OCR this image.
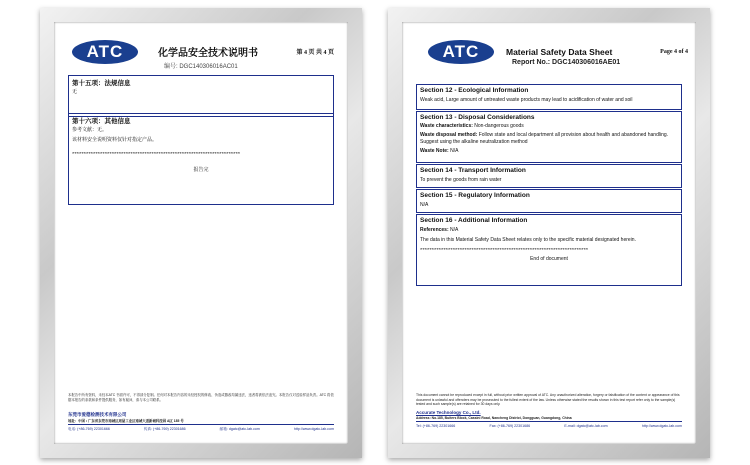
ATC	化学品安全技术说明书	第 4 页 共 4 页
编号: DGC140306016AC01
第十五项：法规信息
无
第十六项：其他信息
参考文献：无。
该材料安全说明资料仅针对指定产品。
************************************************************************
报告完
本报告中所有资料，未经本ATC 书面许可，不得部分复制。任何对本报告内容的未经授权的修改、伪造或篡改均属违法，违者将被依法追究。本报告仅对送检样品负责。ATC 将依据本报告的条款和条件提供服务，如有疑问，请与本公司联系。
东莞市爱德检测技术有限公司
地址：中国 • 广东省东莞市南城区周屋工业区南城大道新城科技园 A区 185 号
电话: (+86-769) 22301666	传真: (+86-769) 22301686	邮箱: dgatc@atc-lab.com	http://www.dgatc-lab.com
ATC	Material Safety Data Sheet	Page 4 of 4
Report No.: DGC140306016AE01
Section 12 - Ecological Information
Weak acid, Large amount of untreated waste products may lead to acidification of water and soil
Section 13 - Disposal Considerations
Waste characteristics: Non-dangerous goods
Waste disposal method: Follow state and local department all provision about health and abandoned handling. Suggest using the alkaline neutralization method
Waste Note: N/A
Section 14 - Transport Information
To prevent the goods from rain water
Section 15 - Regulatory Information
N/A
Section 16 - Additional Information
References: N/A
The data in this Material Safety Data Sheet relates only to the specific material designated herein.
************************************************************************
End of document
This document cannot be reproduced except in full, without prior written approval of ATC. Any unauthorized alteration, forgery or falsification of the content or appearance of this document is unlawful and offenders may be prosecuted to the fullest extent of the law. Unless otherwise stated the results shown in this test report refer only to the sample(s) tested and such sample(s) are retained for 30 days only.
Accurate Technology Co., Ltd.
Address: No.185, Buiters Block, Cassini Road, Nancheng District, Dongguan, Guangdong, China
Tel: (+86-769) 22301666	Fax: (+86-769) 22301686	E-mail: dgatc@atc-lab.com	http://www.dgatc-lab.com
